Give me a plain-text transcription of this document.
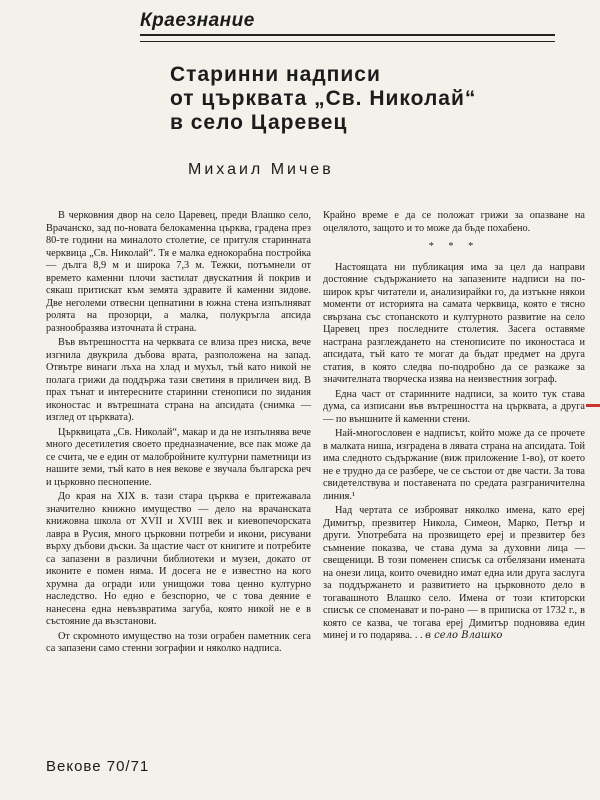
Краезнание
Старинни надписи
от църквата „Св. Николай“
в село Царевец
Михаил Мичев

В черковния двор на село Царевец, преди Влашко село, Врачанско, зад по-новата белокаменна църква, градена през 80-те години на миналото столетие, се притуля старинната черквица „Св. Николай“. Тя е малка еднокорабна постройка — дълга 8,9 м и широка 7,3 м. Тежки, потъмнели от времето каменни плочи застилат двускатния й покрив и сякаш притискат към земята здравите й каменни зидове. Две неголеми отвесни цепнатини в южна стена изпълняват ролята на прозорци, а малка, полукръгла апсида разнообразява източната й страна.

Във вътрешността на черквата се влиза през ниска, вече изгнила двукрила дъбова врата, разположена на запад. Отвътре винаги лъха на хлад и мухъл, тъй като никой не полага грижи да поддържа тази светиня в приличен вид. В прах тънат и интересните старинни стенописи по зидания иконостас и вътрешната страна на апсидата (снимка — изглед от църквата).

Църквицата „Св. Николай“, макар и да не изпълнява вече много десетилетия своето предназначение, все пак може да се счита, че е един от малобройните културни паметници из нашите земи, тъй като в нея векове е звучала българска реч и църковно песнопение.

До края на XIX в. тази стара църква е притежавала значително книжно имущество — дело на врачанската книжовна школа от XVII и XVIII век и киевопечорската лавра в Русия, много църковни потреби и икони, рисувани върху дъбови дъски. За щастие част от книгите и потребите са запазени в различни библиотеки и музеи, докато от иконите е помен няма. И досега не е известно на кого хрумна да огради или унищожи това ценно културно наследство. Но едно е безспорно, че с това деяние е нанесена една невъзвратима загуба, която никой не е в състояние да възстанови.

От скромното имущество на този ограбен паметник сега са запазени само стенни зографии и няколко надписа.

Крайно време е да се положат грижи за опазване на оцелялото, защото и то може да бъде похабено.

* * *

Настоящата ни публикация има за цел да направи достояние съдържанието на запазените надписи на по-широк кръг читатели и, анализирайки го, да изтъкне някои моменти от историята на самата черквица, която е тясно свързана със стопанското и културното развитие на село Царевец през последните столетия. Засега оставяме настрана разглеждането на стенописите по иконостаса и апсидата, тъй като те могат да бъдат предмет на друга статия, в която следва по-подробно да се разкаже за значителната творческа изява на неизвестния зограф.

Една част от старинните надписи, за които тук става дума, са изписани във вътрешността на църквата, а друга — по външните й каменни стени.

Най-многословен е надписът, който може да се прочете в малката ниша, изградена в лявата страна на апсидата. Той има следното съдържание (виж приложение 1-во), от което не е трудно да се разбере, че се състои от две части. За това свидетелствува и поставената по средата разграничителна линия.¹

Над чертата се изброяват няколко имена, като ереј Димитър, презвитер Никола, Симеон, Марко, Петър и други. Употребата на прозвището ереј и презвитер без съмнение показва, че става дума за духовни лица — свещеници. В този поменен списък са отбелязани имената на онези лица, които очевидно имат една или друга заслуга за поддържането и развитието на църковното дело в тогавашното Влашко село. Имена от този ктиторски списък се споменават и по-рано — в приписка от 1732 г., в която се казва, че тогава ереј Димитър подновява един минеј и го подарява. . . в село Влашко

Векове 70/71
